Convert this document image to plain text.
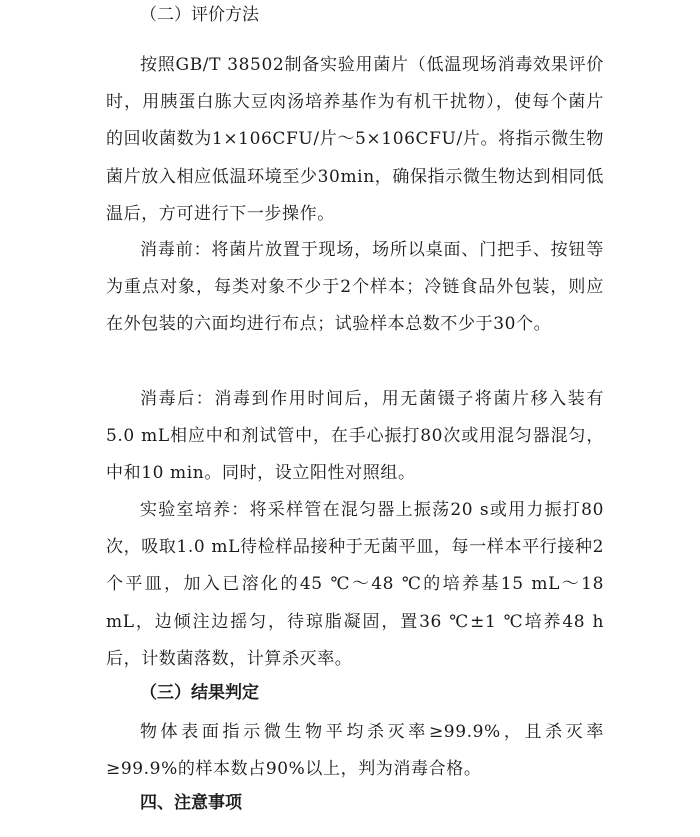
（二）评价方法
按照GB/T 38502制备实验用菌片（低温现场消毒效果评价时，用胰蛋白胨大豆肉汤培养基作为有机干扰物），使每个菌片的回收菌数为1×106CFU/片～5×106CFU/片。将指示微生物菌片放入相应低温环境至少30min，确保指示微生物达到相同低温后，方可进行下一步操作。
消毒前：将菌片放置于现场，场所以桌面、门把手、按钮等为重点对象，每类对象不少于2个样本；冷链食品外包装，则应在外包装的六面均进行布点；试验样本总数不少于30个。
消毒后：消毒到作用时间后，用无菌镊子将菌片移入装有5.0 mL相应中和剂试管中，在手心振打80次或用混匀器混匀，中和10 min。同时，设立阳性对照组。
实验室培养：将采样管在混匀器上振荡20 s或用力振打80次，吸取1.0 mL待检样品接种于无菌平皿，每一样本平行接种2个平皿，加入已溶化的45 ℃～48 ℃的培养基15 mL～18 mL，边倾注边摇匀，待琼脂凝固，置36 ℃±1 ℃培养48 h后，计数菌落数，计算杀灭率。
（三）结果判定
物体表面指示微生物平均杀灭率≥99.9%，且杀灭率≥99.9%的样本数占90%以上，判为消毒合格。
四、注意事项
